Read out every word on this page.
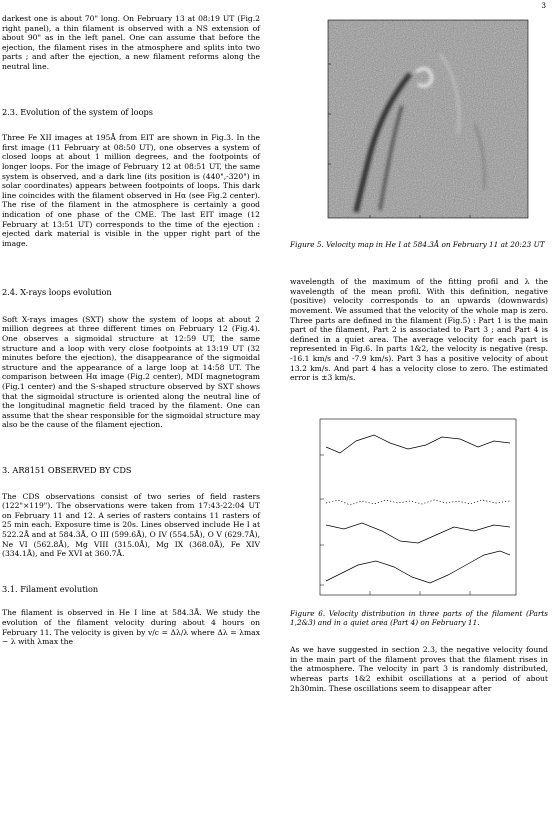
3

darkest one is about 70" long. On February 13 at 08:19 UT (Fig.2 right panel), a thin filament is observed with a NS extension of about 90" as in the left panel. One can assume that before the ejection, the filament rises in the atmosphere and splits into two parts ; and after the ejection, a new filament reforms along the neutral line.

2.3. Evolution of the system of loops

Three Fe XII images at 195Å from EIT are shown in Fig.3. In the first image (11 February at 08:50 UT), one observes a system of closed loops at about 1 million degrees, and the footpoints of longer loops. For the image of February 12 at 08:51 UT, the same system is observed, and a dark line (its position is (440",-320") in solar coordinates) appears between footpoints of loops. This dark line coincides with the filament observed in Hα (see Fig.2 center). The rise of the filament in the atmosphere is certainly a good indication of one phase of the CME. The last EIT image (12 February at 13:51 UT) corresponds to the time of the ejection : ejected dark material is visible in the upper right part of the image.

2.4. X-rays loops evolution

Soft X-rays images (SXT) show the system of loops at about 2 million degrees at three different times on February 12 (Fig.4). One observes a sigmoidal structure at 12:59 UT, the same structure and a loop with very close footpoints at 13:19 UT (32 minutes before the ejection), the disappearance of the sigmoidal structure and the appearance of a large loop at 14:58 UT. The comparison between Hα image (Fig.2 center), MDI magnetogram (Fig.1 center) and the S-shaped structure observed by SXT shows that the sigmoidal structure is oriented along the neutral line of the longitudinal magnetic field traced by the filament. One can assume that the shear responsible for the sigmoidal structure may also be the cause of the filament ejection.

3. AR8151 OBSERVED BY CDS

The CDS observations consist of two series of field rasters (122"×119"). The observations were taken from 17:43-22:04 UT on February 11 and 12. A series of rasters contains 11 rasters of 25 min each. Exposure time is 20s. Lines observed include He I at 522.2Å and at 584.3Å, O III (599.6Å), O IV (554.5Å), O V (629.7Å), Ne VI (562.8Å), Mg VIII (315.0Å), Mg IX (368.0Å), Fe XIV (334.1Å), and Fe XVI at 360.7Å.

3.1. Filament evolution

The filament is observed in He I line at 584.3Å. We study the evolution of the filament velocity during about 4 hours on February 11. The velocity is given by v/c = Δλ/λ where Δλ = λmax − λ with λmax the

Figure 5. Velocity map in He I at 584.3Å on February 11 at 20:23 UT

wavelength of the maximum of the fitting profil and λ the wavelength of the mean profil. With this definition, negative (positive) velocity corresponds to an upwards (downwards) movement. We assumed that the velocity of the whole map is zero. Three parts are defined in the filament (Fig.5) : Part 1 is the main part of the filament, Part 2 is associated to Part 3 ; and Part 4 is defined in a quiet area. The average velocity for each part is represented in Fig.6. In parts 1&2, the velocity is negative (resp. -16.1 km/s and -7.9 km/s). Part 3 has a positive velocity of about 13.2 km/s. And part 4 has a velocity close to zero. The estimated error is ±3 km/s.

Figure 6. Velocity distribution in three parts of the filament (Parts 1,2&3) and in a quiet area (Part 4) on February 11.

As we have suggested in section 2.3, the negative velocity found in the main part of the filament proves that the filament rises in the atmosphere. The velocity in part 3 is randomly distributed, whereas parts 1&2 exhibit oscillations at a period of about 2h30min. These oscillations seem to disappear after
